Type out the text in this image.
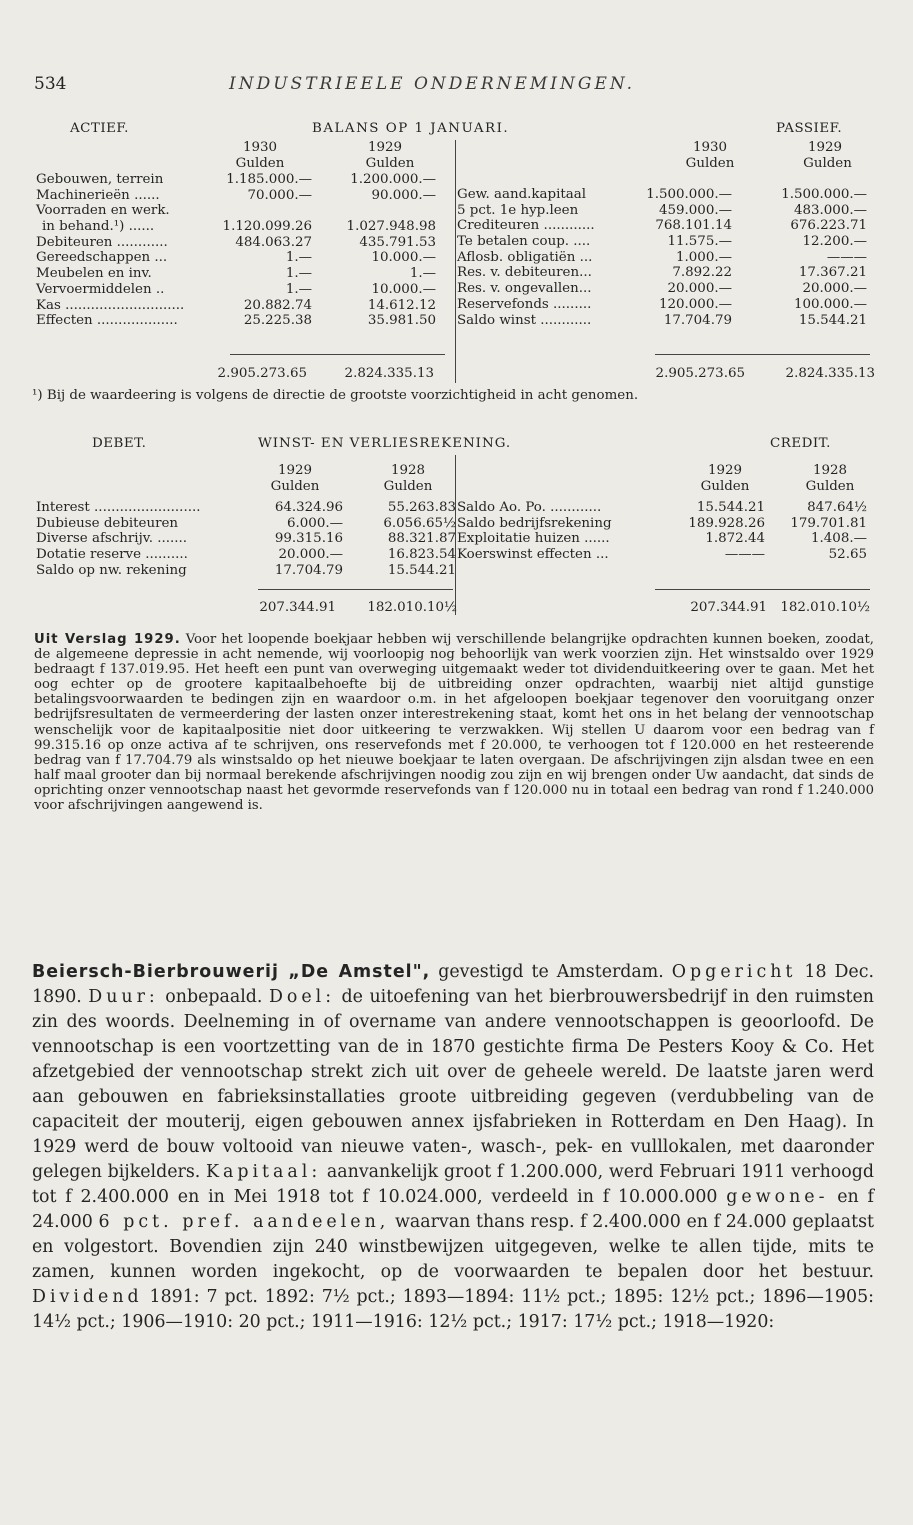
534	INDUSTRIEELE ONDERNEMINGEN.
ACTIEF.	BALANS OP 1 JANUARI.	PASSIEF.
1930	1929	1930	1929
Gulden	Gulden	Gulden	Gulden
Gebouwen, terrein	1.185.000.—	1.200.000.—
Machinerieën ......	70.000.—	90.000.—
Voorraden en werk.
in behand.¹) ......	1.120.099.26	1.027.948.98
Debiteuren ............	484.063.27	435.791.53
Gereedschappen ...	1.—	10.000.—
Meubelen en inv.	1.—	1.—
Vervoermiddelen ..	1.—	10.000.—
Kas ............................	20.882.74	14.612.12
Effecten ...................	25.225.38	35.981.50
Gew. aand.kapitaal	1.500.000.—	1.500.000.—
5 pct. 1e hyp.leen	459.000.—	483.000.—
Crediteuren ............	768.101.14	676.223.71
Te betalen coup. ....	11.575.—	12.200.—
Aflosb. obligatiën ...	1.000.—	———
Res. v. debiteuren...	7.892.22	17.367.21
Res. v. ongevallen...	20.000.—	20.000.—
Reservefonds .........	120.000.—	100.000.—
Saldo winst ............	17.704.79	15.544.21
2.905.273.65	2.824.335.13	2.905.273.65	2.824.335.13
¹) Bij de waardeering is volgens de directie de grootste voorzichtigheid in acht genomen.
DEBET.	WINST- EN VERLIESREKENING.	CREDIT.
1929	1928	1929	1928
Gulden	Gulden	Gulden	Gulden
Interest .........................	64.324.96	55.263.83
Dubieuse debiteuren	6.000.—	6.056.65½
Diverse afschrijv. .......	99.315.16	88.321.87
Dotatie reserve ..........	20.000.—	16.823.54
Saldo op nw. rekening	17.704.79	15.544.21
Saldo Ao. Po. ............	15.544.21	847.64½
Saldo bedrijfsrekening	189.928.26 179.701.81
Exploitatie huizen ......	1.872.44	1.408.—
Koerswinst effecten ...	———	52.65
207.344.91 182.010.10½	207.344.91 182.010.10½

Uit Verslag 1929. Voor het loopende boekjaar hebben wij verschillende belangrijke opdrachten kunnen boeken, zoodat, de algemeene depressie in acht nemende, wij voorloopig nog behoorlijk van werk voorzien zijn. Het winstsaldo over 1929 bedraagt f 137.019.95. Het heeft een punt van overweging uitgemaakt weder tot dividenduitkeering over te gaan. Met het oog echter op de grootere kapitaalbehoefte bij de uitbreiding onzer opdrachten, waarbij niet altijd gunstige betalingsvoorwaarden te bedingen zijn en waardoor o.m. in het afgeloopen boekjaar tegenover den vooruitgang onzer bedrijfsresultaten de vermeerdering der lasten onzer interestrekening staat, komt het ons in het belang der vennootschap wenschelijk voor de kapitaalpositie niet door uitkeering te verzwakken. Wij stellen U daarom voor een bedrag van f 99.315.16 op onze activa af te schrijven, ons reservefonds met f 20.000, te verhoogen tot f 120.000 en het resteerende bedrag van f 17.704.79 als winstsaldo op het nieuwe boekjaar te laten overgaan. De afschrijvingen zijn alsdan twee en een half maal grooter dan bij normaal berekende afschrijvingen noodig zou zijn en wij brengen onder Uw aandacht, dat sinds de oprichting onzer vennootschap naast het gevormde reservefonds van f 120.000 nu in totaal een bedrag van rond f 1.240.000 voor afschrijvingen aangewend is.

Beiersch-Bierbrouwerij „De Amstel", gevestigd te Amsterdam. Opgericht 18 Dec. 1890. Duur: onbepaald. Doel: de uitoefening van het bierbrouwersbedrijf in den ruimsten zin des woords. Deelneming in of overname van andere vennootschappen is geoorloofd. De vennootschap is een voortzetting van de in 1870 gestichte firma De Pesters Kooy & Co. Het afzetgebied der vennootschap strekt zich uit over de geheele wereld. De laatste jaren werd aan gebouwen en fabrieksinstallaties groote uitbreiding gegeven (verdubbeling van de capaciteit der mouterij, eigen gebouwen annex ijsfabrieken in Rotterdam en Den Haag). In 1929 werd de bouw voltooid van nieuwe vaten-, wasch-, pek- en vulllokalen, met daaronder gelegen bijkelders. Kapitaal: aanvankelijk groot f 1.200.000, werd Februari 1911 verhoogd tot f 2.400.000 en in Mei 1918 tot f 10.024.000, verdeeld in f 10.000.000 gewone- en f 24.000 6 pct. pref. aandeelen, waarvan thans resp. f 2.400.000 en f 24.000 geplaatst en volgestort. Bovendien zijn 240 winstbewijzen uitgegeven, welke te allen tijde, mits te zamen, kunnen worden ingekocht, op de voorwaarden te bepalen door het bestuur. Dividend 1891: 7 pct. 1892: 7½ pct.; 1893—1894: 11½ pct.; 1895: 12½ pct.; 1896—1905: 14½ pct.; 1906—1910: 20 pct.; 1911—1916: 12½ pct.; 1917: 17½ pct.; 1918—1920:
